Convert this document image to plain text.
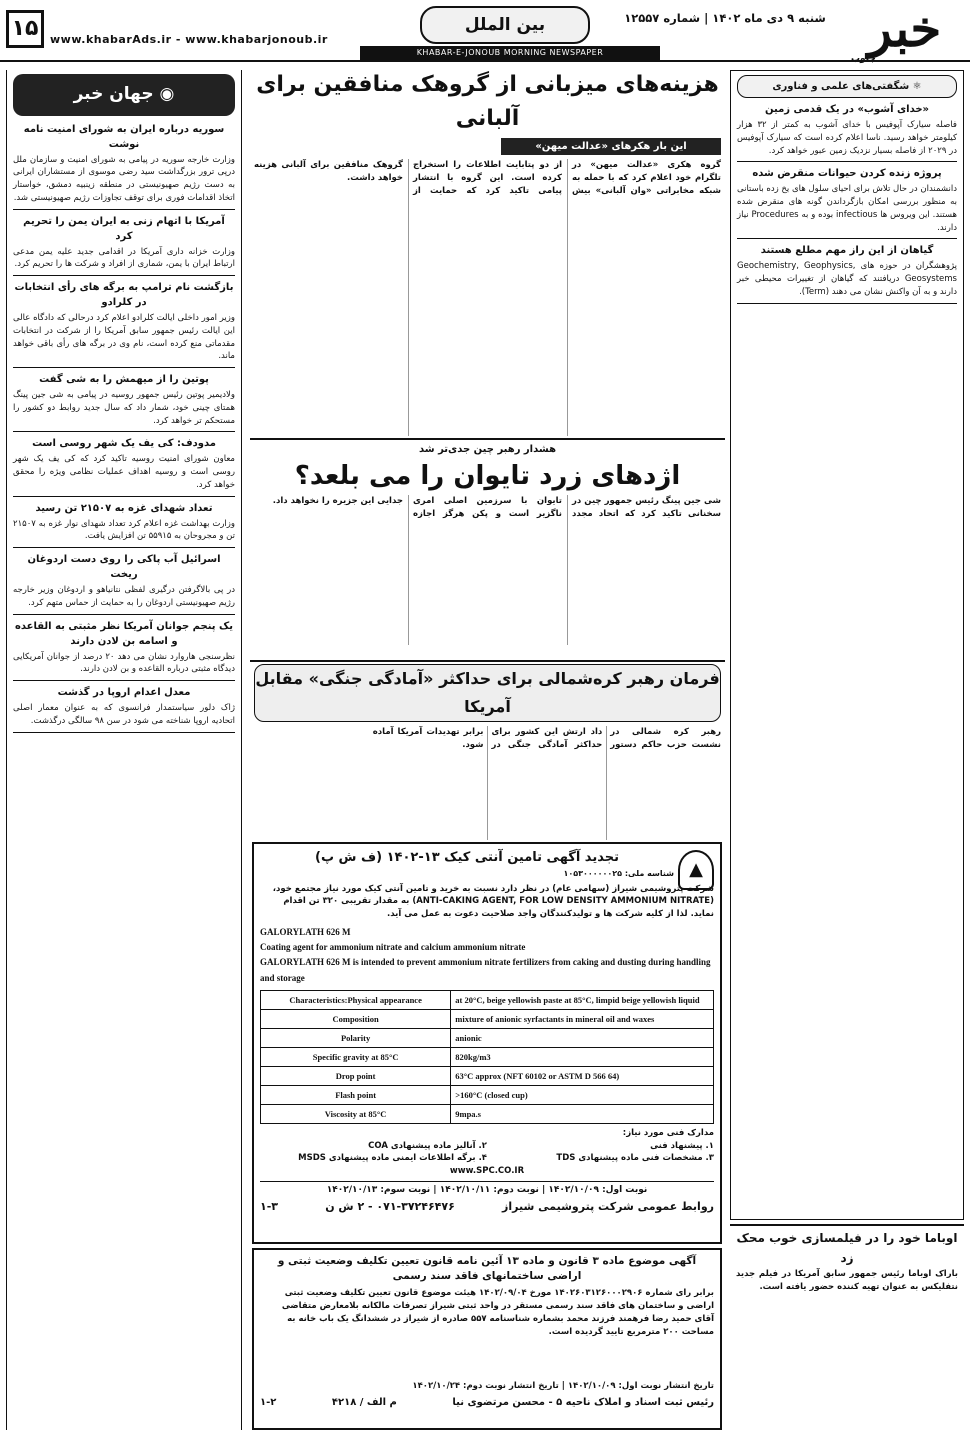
۱۵	www.khabarAds.ir - www.khabarjonoub.ir
بین الملل	شنبه ۹ دی ماه ۱۴۰۲ | شماره ۱۲۵۵۷ خبر
جنوب
KHABAR-E-JONOUB MORNING NEWSPAPER
◉ جهان خبر
سوریه درباره ایران به شورای امنیت نامه نوشت

وزارت خارجه سوریه در پیامی به شورای امنیت و سازمان ملل درپی ترور بزرگداشت سید رضی موسوی از مستشاران ایرانی به دست رژیم صهیونیستی در منطقه زینبیه دمشق، خواستار اتخاذ اقدامات فوری برای توقف تجاوزات رژیم صهیونیستی شد.

آمریکا با اتهام زنی به ایران یمن را تحریم کرد

وزارت خزانه داری آمریکا در اقدامی جدید علیه یمن مدعی ارتباط ایران با یمن، شماری از افراد و شرکت ها را تحریم کرد.

بازگشت نام ترامپ به برگه های رأی انتخابات در کلرادو

وزیر امور داخلی ایالت کلرادو اعلام کرد درحالی که دادگاه عالی این ایالت رئیس جمهور سابق آمریکا را از شرکت در انتخابات مقدماتی منع کرده است، نام وی در برگه های رأی باقی خواهد ماند.

پوتین را از میهمش را به شی گفت

ولادیمیر پوتین رئیس جمهور روسیه در پیامی به شی جین پینگ همتای چینی خود، شمار داد که سال جدید روابط دو کشور را مستحکم تر خواهد کرد.

مدودف: کی یف یک شهر روسی است

معاون شورای امنیت روسیه تاکید کرد که کی یف یک شهر روسی است و روسیه اهداف عملیات نظامی ویژه را محقق خواهد کرد.

تعداد شهدای غزه به ۲۱۵۰۷ تن رسید

وزارت بهداشت غزه اعلام کرد تعداد شهدای نوار غزه به ۲۱۵۰۷ تن و مجروحان به ۵۵۹۱۵ تن افزایش یافت.

اسرائیل آب پاکی را روی دست اردوغان ریخت

در پی بالاگرفتن درگیری لفظی نتانیاهو و اردوغان وزیر خارجه رژیم صهیونیستی اردوغان را به حمایت از حماس متهم کرد.

یک پنجم جوانان آمریکا نظر مثبتی به القاعده و اسامه بن لادن دارند

نظرسنجی هاروارد نشان می دهد ۲۰ درصد از جوانان آمریکایی دیدگاه مثبتی درباره القاعده و بن لادن دارند.

معدل اعدام اروپا در گذشت

ژاک دلور سیاستمدار فرانسوی که به عنوان معمار اصلی اتحادیه اروپا شناخته می شود در سن ۹۸ سالگی درگذشت.

هزینه‌های میزبانی از گروهک منافقین برای آلبانی
این بار هکرهای «عدالت میهن»

گروه هکری «عدالت میهن» در تلگرام خود اعلام کرد که با حمله به شبکه مخابراتی «وان آلبانی» بیش از دو پتابایت اطلاعات را استخراج کرده است. این گروه با انتشار پیامی تاکید کرد که حمایت از گروهک منافقین برای آلبانی هزینه خواهد داشت.

هشدار رهبر چین جدی‌تر شد
اژدهای زرد تایوان را می بلعد؟

شی جین پینگ رئیس جمهور چین در سخنانی تاکید کرد که اتحاد مجدد تایوان با سرزمین اصلی امری ناگزیر است و پکن هرگز اجازه جدایی این جزیره را نخواهد داد.

فرمان رهبر کره‌شمالی برای حداکثر «آمادگی جنگی» مقابل آمریکا

رهبر کره شمالی در نشست حزب حاکم دستور داد ارتش این کشور برای حداکثر آمادگی جنگی در برابر تهدیدات آمریکا آماده شود.

▲
تجدید آگهی تامین آنتی کیک ۱۳-۱۴۰۲ (ف ش پ)
شناسه ملی: ۱۰۵۳۰۰۰۰۰۰۲۵

شرکت پتروشیمی شیراز (سهامی عام) در نظر دارد نسبت به خرید و تامین آنتی کیک مورد نیاز مجتمع خود، (ANTI-CAKING AGENT, FOR LOW DENSITY AMMONIUM NITRATE) به مقدار تقریبی ۳۲۰ تن اقدام نماید. لذا از کلیه شرکت ها و تولیدکنندگان واجد صلاحیت دعوت به عمل می آید.

GALORYLATH 626 M
Coating agent for ammonium nitrate and calcium ammonium nitrate
GALORYLATH 626 M is intended to prevent ammonium nitrate fertilizers from caking and dusting during handling and storage
Characteristics:Physical appearance	at 20°C, beige yellowish paste at 85°C, limpid beige yellowish liquid
Composition	mixture of anionic syrfactants in mineral oil and waxes
Polarity	anionic
Specific gravity at 85°C	820kg/m3
Drop point	63°C approx (NFT 60102 or ASTM D 566 64)
Flash point	>160°C (closed cup)
Viscosity at 85°C	9mpa.s
مدارک فنی مورد نیاز:
۱. پیشنهاد فنی
۲. آنالیز ماده پیشنهادی COA
۳. مشخصات فنی ماده پیشنهادی TDS
۴. برگه اطلاعات ایمنی ماده پیشنهادی MSDS
www.SPC.CO.IR
نوبت اول: ۱۴۰۲/۱۰/۰۹ | نوبت دوم: ۱۴۰۲/۱۰/۱۱ | نوبت سوم: ۱۴۰۲/۱۰/۱۳
روابط عمومی شرکت پتروشیمی شیراز
۰۷۱-۳۷۲۴۶۴۷۶ - ۲ ش ن
۱-۳
آگهی موضوع ماده ۳ قانون و ماده ۱۳ آئین نامه قانون تعیین تکلیف وضعیت ثبتی و اراضی ساختمانهای فاقد سند رسمی

برابر رای شماره ۱۴۰۲۶۰۳۱۲۶۰۰۰۲۹۰۶ مورخ ۱۴۰۲/۰۹/۰۴ هیئت موضوع قانون تعیین تکلیف وضعیت ثبتی اراضی و ساختمان های فاقد سند رسمی مستقر در واحد ثبتی شیراز تصرفات مالکانه بلامعارض متقاضی آقای حمید رضا فرهمند فرزند محمد بشماره شناسنامه ۵۵۷ صادره از شیراز در ششدانگ یک باب خانه به مساحت ۲۰۰ مترمربع تایید گردیده است.

تاریخ انتشار نوبت اول: ۱۴۰۲/۱۰/۰۹ | تاریخ انتشار نوبت دوم: ۱۴۰۲/۱۰/۲۴
رئیس ثبت اسناد و املاک ناحیه ۵ - محسن مرتضوی نیا
م الف / ۴۲۱۸
۱-۲
⚛ شگفتی‌های علمی و فناوری
«خدای آشوب» در یک قدمی زمین

فاصله سیارک آپوفیس با خدای آشوب به کمتر از ۳۲ هزار کیلومتر خواهد رسید. ناسا اعلام کرده است که سیارک آپوفیس در ۲۰۲۹ از فاصله بسیار نزدیک زمین عبور خواهد کرد.

پروژه زنده کردن حیوانات منقرض شده

دانشمندان در حال تلاش برای احیای سلول های یخ زده باستانی به منظور بررسی امکان بازگرداندن گونه های منقرض شده هستند. این ویروس ها infectious بوده و به Procedures نیاز دارند.

گیاهان از این راز مهم مطلع هستند

پژوهشگران در حوزه های Geochemistry, Geophysics, Geosystems دریافتند که گیاهان از تغییرات محیطی خبر دارند و به آن واکنش نشان می دهند (Term).

اوباما خود را در فیلمسازی خوب محک زد

باراک اوباما رئیس جمهور سابق آمریکا در فیلم جدید نتفلیکس به عنوان تهیه کننده حضور یافته است.
